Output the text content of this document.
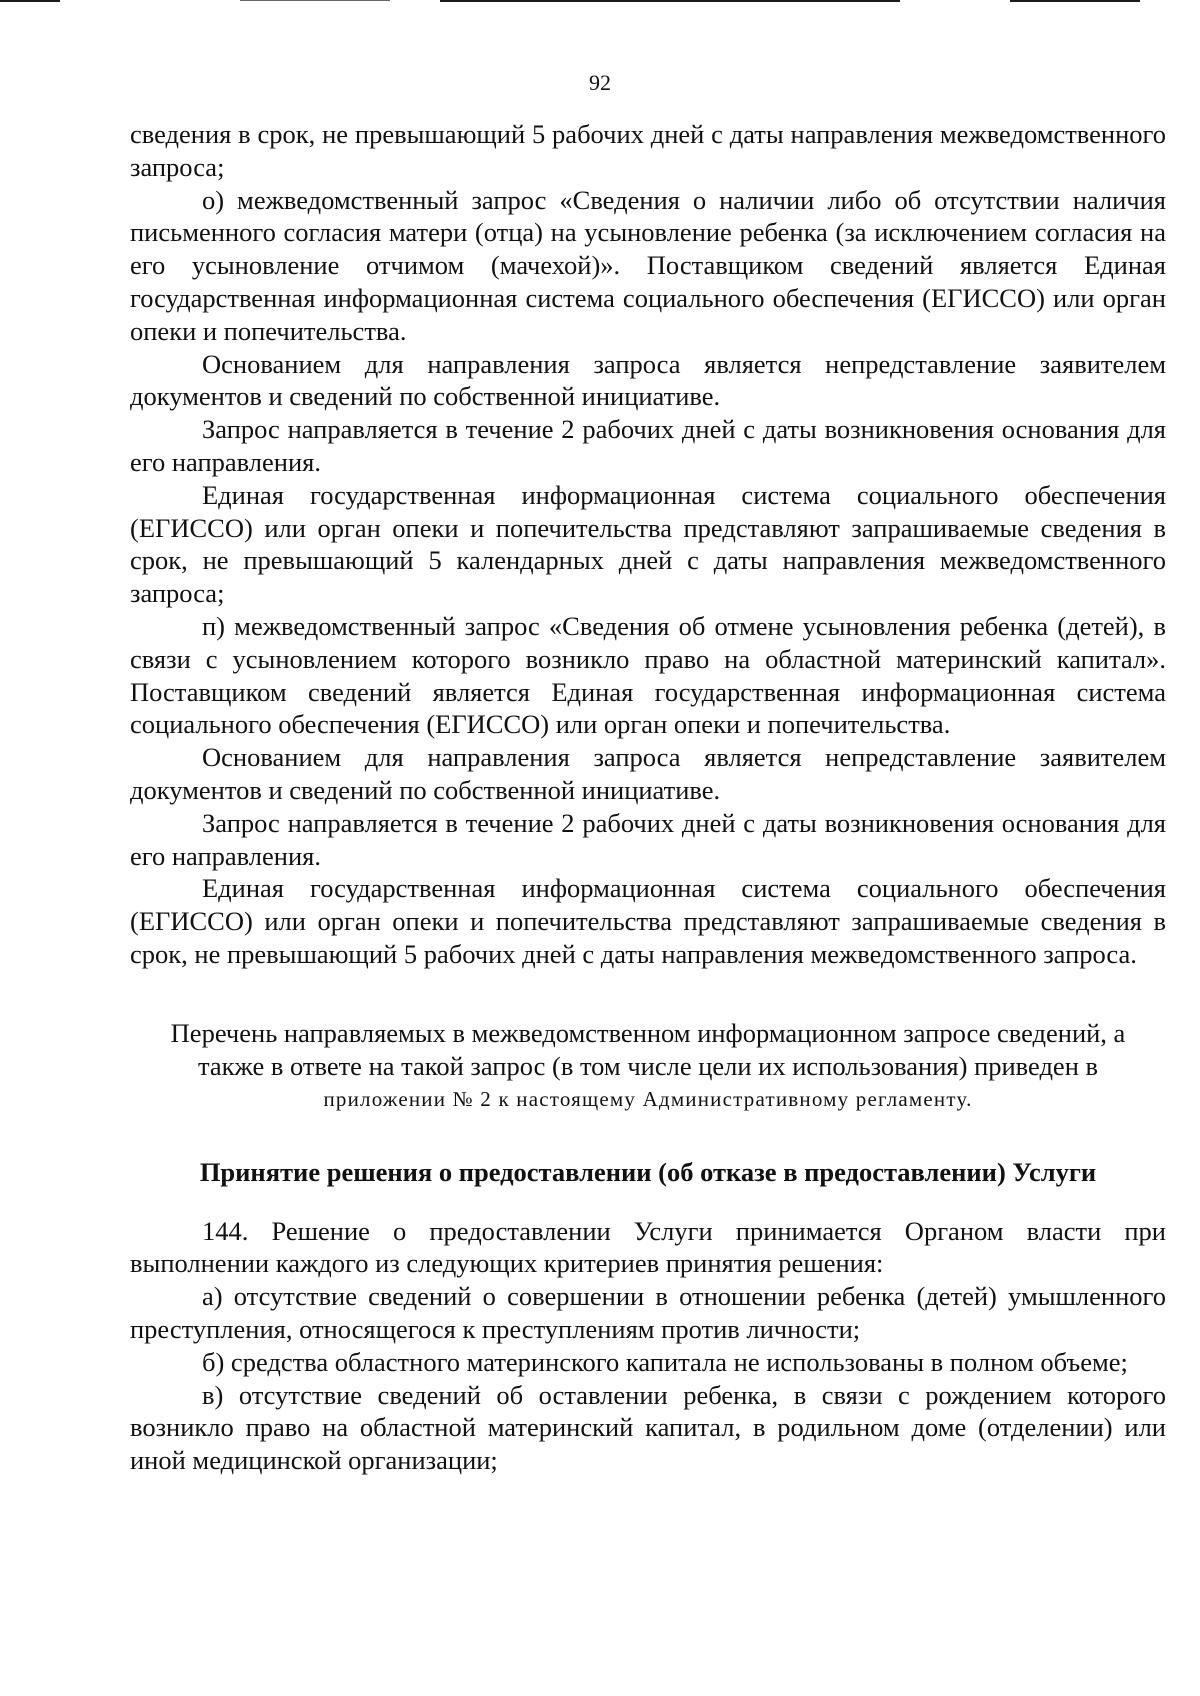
92

сведения в срок, не превышающий 5 рабочих дней с даты направления межведомственного запроса;

о) межведомственный запрос «Сведения о наличии либо об отсутствии наличия письменного согласия матери (отца) на усыновление ребенка (за исключением согласия на его усыновление отчимом (мачехой)». Поставщиком сведений является Единая государственная информационная система социального обеспечения (ЕГИССО) или орган опеки и попечительства.

Основанием для направления запроса является непредставление заявителем документов и сведений по собственной инициативе.

Запрос направляется в течение 2 рабочих дней с даты возникновения основания для его направления.

Единая государственная информационная система социального обеспечения (ЕГИССО) или орган опеки и попечительства представляют запрашиваемые сведения в срок, не превышающий 5 календарных дней с даты направления межведомственного запроса;

п) межведомственный запрос «Сведения об отмене усыновления ребенка (детей), в связи с усыновлением которого возникло право на областной материнский капитал». Поставщиком сведений является Единая государственная информационная система социального обеспечения (ЕГИССО) или орган опеки и попечительства.

Основанием для направления запроса является непредставление заявителем документов и сведений по собственной инициативе.

Запрос направляется в течение 2 рабочих дней с даты возникновения основания для его направления.

Единая государственная информационная система социального обеспечения (ЕГИССО) или орган опеки и попечительства представляют запрашиваемые сведения в срок, не превышающий 5 рабочих дней с даты направления межведомственного запроса.

Перечень направляемых в межведомственном информационном запросе сведений, а
также в ответе на такой запрос (в том числе цели их использования) приведен в

приложении № 2 к настоящему Административному регламенту.
Принятие решения о предоставлении (об отказе в предоставлении) Услуги

144. Решение о предоставлении Услуги принимается Органом власти при выполнении каждого из следующих критериев принятия решения:

а) отсутствие сведений о совершении в отношении ребенка (детей) умышленного преступления, относящегося к преступлениям против личности;

б) средства областного материнского капитала не использованы в полном объеме;

в) отсутствие сведений об оставлении ребенка, в связи с рождением которого возникло право на областной материнский капитал, в родильном доме (отделении) или иной медицинской организации;
